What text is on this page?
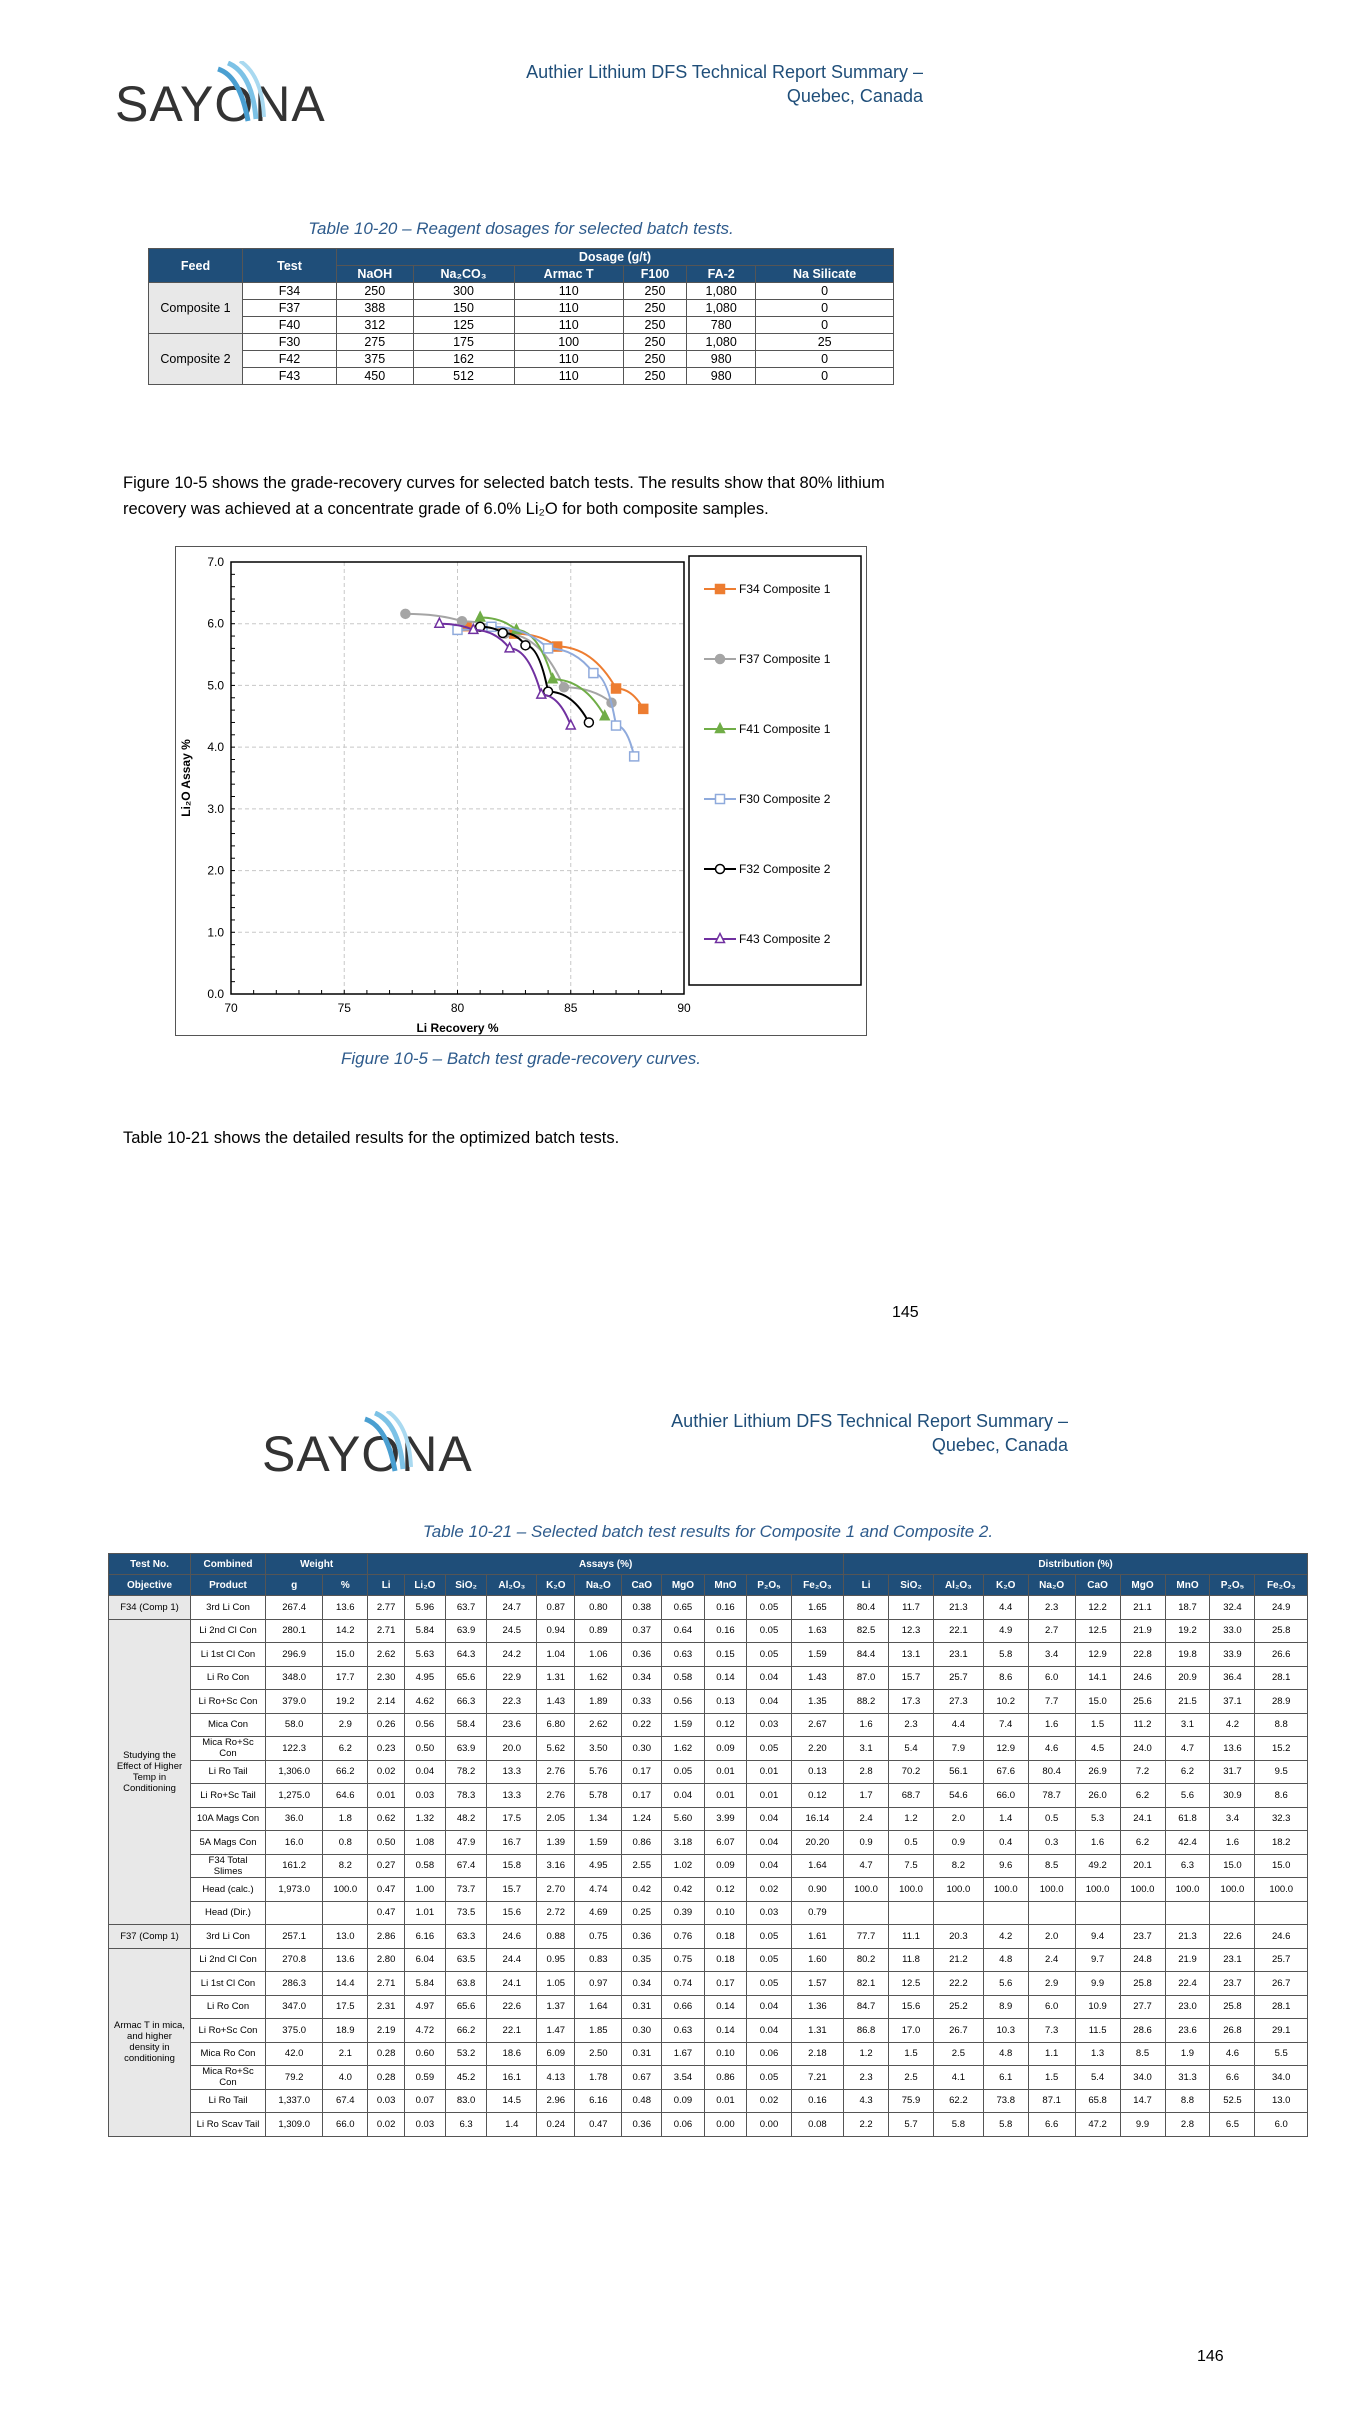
SAYONA
Authier Lithium DFS Technical Report Summary –
Quebec, Canada
Table 10-20 – Reagent dosages for selected batch tests.
Feed	Test	Dosage (g/t)					
		NaOH	Na₂CO₃	Armac T	F100	FA-2	Na Silicate
Composite 1	F34	250	300	110	250	1,080	0
	F37	388	150	110	250	1,080	0
	F40	312	125	110	250	780	0
Composite 2	F30	275	175	100	250	1,080	25
	F42	375	162	110	250	980	0
	F43	450	512	110	250	980	0
Figure 10-5 shows the grade-recovery curves for selected batch tests. The results show that 80% lithium
recovery was achieved at a concentrate grade of 6.0% Li₂O for both composite samples.
0.0
1.0
2.0
3.0
4.0
5.0
6.0
7.0
70	75	80	85	90
Li Recovery %
Li₂O Assay %
F34 Composite 1
F37 Composite 1
F41 Composite 1
F30 Composite 2
F32 Composite 2
F43 Composite 2
Figure 10-5 – Batch test grade-recovery curves.
Table 10-21 shows the detailed results for the optimized batch tests.
145
SAYONA
Authier Lithium DFS Technical Report Summary –
Quebec, Canada
Table 10-21 – Selected batch test results for Composite 1 and Composite 2.
Test No.	Combined	Weight		Assays (%)											Distribution (%)									
Objective	Product	g	%	Li	Li₂O	SiO₂	Al₂O₃	K₂O	Na₂O	CaO	MgO	MnO	P₂O₅	Fe₂O₃	Li	SiO₂	Al₂O₃	K₂O	Na₂O	CaO	MgO	MnO	P₂O₅	Fe₂O₃
F34 (Comp 1)	3rd Li Con	267.4	13.6	2.77	5.96	63.7	24.7	0.87	0.80	0.38	0.65	0.16	0.05	1.65	80.4	11.7	21.3	4.4	2.3	12.2	21.1	18.7	32.4	24.9
Studying the Effect of Higher Temp in Conditioning	Li 2nd Cl Con	280.1	14.2	2.71	5.84	63.9	24.5	0.94	0.89	0.37	0.64	0.16	0.05	1.63	82.5	12.3	22.1	4.9	2.7	12.5	21.9	19.2	33.0	25.8
	Li 1st Cl Con	296.9	15.0	2.62	5.63	64.3	24.2	1.04	1.06	0.36	0.63	0.15	0.05	1.59	84.4	13.1	23.1	5.8	3.4	12.9	22.8	19.8	33.9	26.6
	Li Ro Con	348.0	17.7	2.30	4.95	65.6	22.9	1.31	1.62	0.34	0.58	0.14	0.04	1.43	87.0	15.7	25.7	8.6	6.0	14.1	24.6	20.9	36.4	28.1
	Li Ro+Sc Con	379.0	19.2	2.14	4.62	66.3	22.3	1.43	1.89	0.33	0.56	0.13	0.04	1.35	88.2	17.3	27.3	10.2	7.7	15.0	25.6	21.5	37.1	28.9
	Mica Con	58.0	2.9	0.26	0.56	58.4	23.6	6.80	2.62	0.22	1.59	0.12	0.03	2.67	1.6	2.3	4.4	7.4	1.6	1.5	11.2	3.1	4.2	8.8
	Mica Ro+Sc Con	122.3	6.2	0.23	0.50	63.9	20.0	5.62	3.50	0.30	1.62	0.09	0.05	2.20	3.1	5.4	7.9	12.9	4.6	4.5	24.0	4.7	13.6	15.2
	Li Ro Tail	1,306.0	66.2	0.02	0.04	78.2	13.3	2.76	5.76	0.17	0.05	0.01	0.01	0.13	2.8	70.2	56.1	67.6	80.4	26.9	7.2	6.2	31.7	9.5
	Li Ro+Sc Tail	1,275.0	64.6	0.01	0.03	78.3	13.3	2.76	5.78	0.17	0.04	0.01	0.01	0.12	1.7	68.7	54.6	66.0	78.7	26.0	6.2	5.6	30.9	8.6
	10A Mags Con	36.0	1.8	0.62	1.32	48.2	17.5	2.05	1.34	1.24	5.60	3.99	0.04	16.14	2.4	1.2	2.0	1.4	0.5	5.3	24.1	61.8	3.4	32.3
	5A Mags Con	16.0	0.8	0.50	1.08	47.9	16.7	1.39	1.59	0.86	3.18	6.07	0.04	20.20	0.9	0.5	0.9	0.4	0.3	1.6	6.2	42.4	1.6	18.2
	F34 Total Slimes	161.2	8.2	0.27	0.58	67.4	15.8	3.16	4.95	2.55	1.02	0.09	0.04	1.64	4.7	7.5	8.2	9.6	8.5	49.2	20.1	6.3	15.0	15.0
	Head (calc.)	1,973.0	100.0	0.47	1.00	73.7	15.7	2.70	4.74	0.42	0.42	0.12	0.02	0.90	100.0	100.0	100.0	100.0	100.0	100.0	100.0	100.0	100.0	100.0
	Head (Dir.)			0.47	1.01	73.5	15.6	2.72	4.69	0.25	0.39	0.10	0.03	0.79										
F37 (Comp 1)	3rd Li Con	257.1	13.0	2.86	6.16	63.3	24.6	0.88	0.75	0.36	0.76	0.18	0.05	1.61	77.7	11.1	20.3	4.2	2.0	9.4	23.7	21.3	22.6	24.6
Armac T in mica, and higher density in conditioning	Li 2nd Cl Con	270.8	13.6	2.80	6.04	63.5	24.4	0.95	0.83	0.35	0.75	0.18	0.05	1.60	80.2	11.8	21.2	4.8	2.4	9.7	24.8	21.9	23.1	25.7
	Li 1st Cl Con	286.3	14.4	2.71	5.84	63.8	24.1	1.05	0.97	0.34	0.74	0.17	0.05	1.57	82.1	12.5	22.2	5.6	2.9	9.9	25.8	22.4	23.7	26.7
	Li Ro Con	347.0	17.5	2.31	4.97	65.6	22.6	1.37	1.64	0.31	0.66	0.14	0.04	1.36	84.7	15.6	25.2	8.9	6.0	10.9	27.7	23.0	25.8	28.1
	Li Ro+Sc Con	375.0	18.9	2.19	4.72	66.2	22.1	1.47	1.85	0.30	0.63	0.14	0.04	1.31	86.8	17.0	26.7	10.3	7.3	11.5	28.6	23.6	26.8	29.1
	Mica Ro Con	42.0	2.1	0.28	0.60	53.2	18.6	6.09	2.50	0.31	1.67	0.10	0.06	2.18	1.2	1.5	2.5	4.8	1.1	1.3	8.5	1.9	4.6	5.5
	Mica Ro+Sc Con	79.2	4.0	0.28	0.59	45.2	16.1	4.13	1.78	0.67	3.54	0.86	0.05	7.21	2.3	2.5	4.1	6.1	1.5	5.4	34.0	31.3	6.6	34.0
	Li Ro Tail	1,337.0	67.4	0.03	0.07	83.0	14.5	2.96	6.16	0.48	0.09	0.01	0.02	0.16	4.3	75.9	62.2	73.8	87.1	65.8	14.7	8.8	52.5	13.0
	Li Ro Scav Tail	1,309.0	66.0	0.02	0.03	6.3	1.4	0.24	0.47	0.36	0.06	0.00	0.00	0.08	2.2	5.7	5.8	5.8	6.6	47.2	9.9	2.8	6.5	6.0
146
